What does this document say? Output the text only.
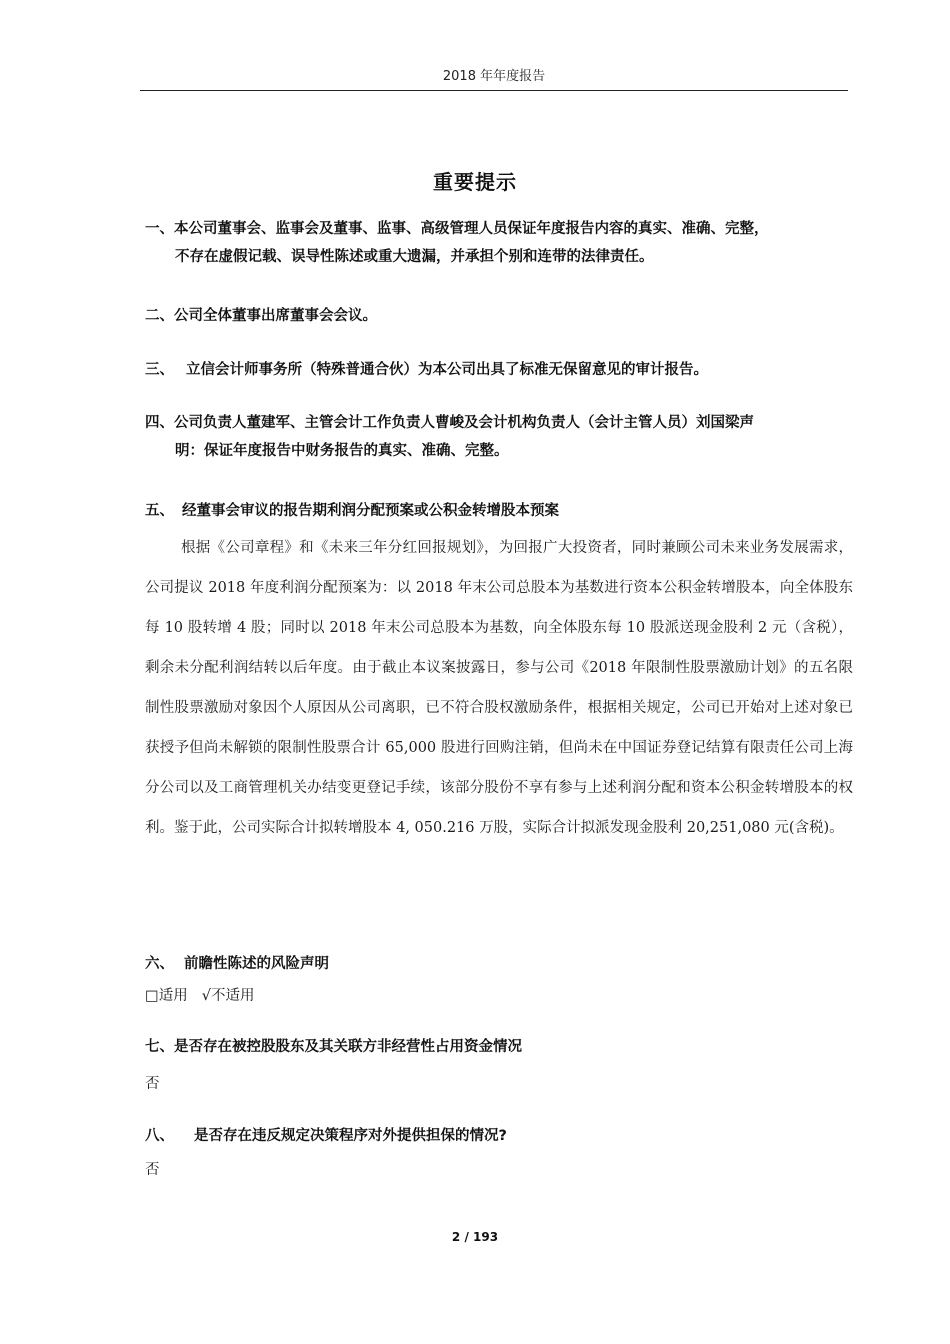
2018 年年度报告
重要提示
一、本公司董事会、监事会及董事、监事、高级管理人员保证年度报告内容的真实、准确、完整，
不存在虚假记载、误导性陈述或重大遗漏，并承担个别和连带的法律责任。
二、公司全体董事出席董事会会议。
三、 立信会计师事务所（特殊普通合伙）为本公司出具了标准无保留意见的审计报告。
四、公司负责人董建军、主管会计工作负责人曹峻及会计机构负责人（会计主管人员）刘国梁声
明：保证年度报告中财务报告的真实、准确、完整。
五、 经董事会审议的报告期利润分配预案或公积金转增股本预案
根据《公司章程》和《未来三年分红回报规划》，为回报广大投资者，同时兼顾公司未来业务发展需求，公司提议 2018 年度利润分配预案为：以 2018 年末公司总股本为基数进行资本公积金转增股本，向全体股东每 10 股转增 4 股；同时以 2018 年末公司总股本为基数，向全体股东每 10 股派送现金股利 2 元（含税），剩余未分配利润结转以后年度。由于截止本议案披露日，参与公司《2018 年限制性股票激励计划》的五名限制性股票激励对象因个人原因从公司离职，已不符合股权激励条件，根据相关规定，公司已开始对上述对象已获授予但尚未解锁的限制性股票合计 65,000 股进行回购注销，但尚未在中国证券登记结算有限责任公司上海分公司以及工商管理机关办结变更登记手续，该部分股份不享有参与上述利润分配和资本公积金转增股本的权利。鉴于此，公司实际合计拟转增股本 4, 050.216 万股，实际合计拟派发现金股利 20,251,080 元(含税)。
六、 前瞻性陈述的风险声明
□适用 √不适用
七、是否存在被控股股东及其关联方非经营性占用资金情况
否
八、 是否存在违反规定决策程序对外提供担保的情况?
否
2 / 193
